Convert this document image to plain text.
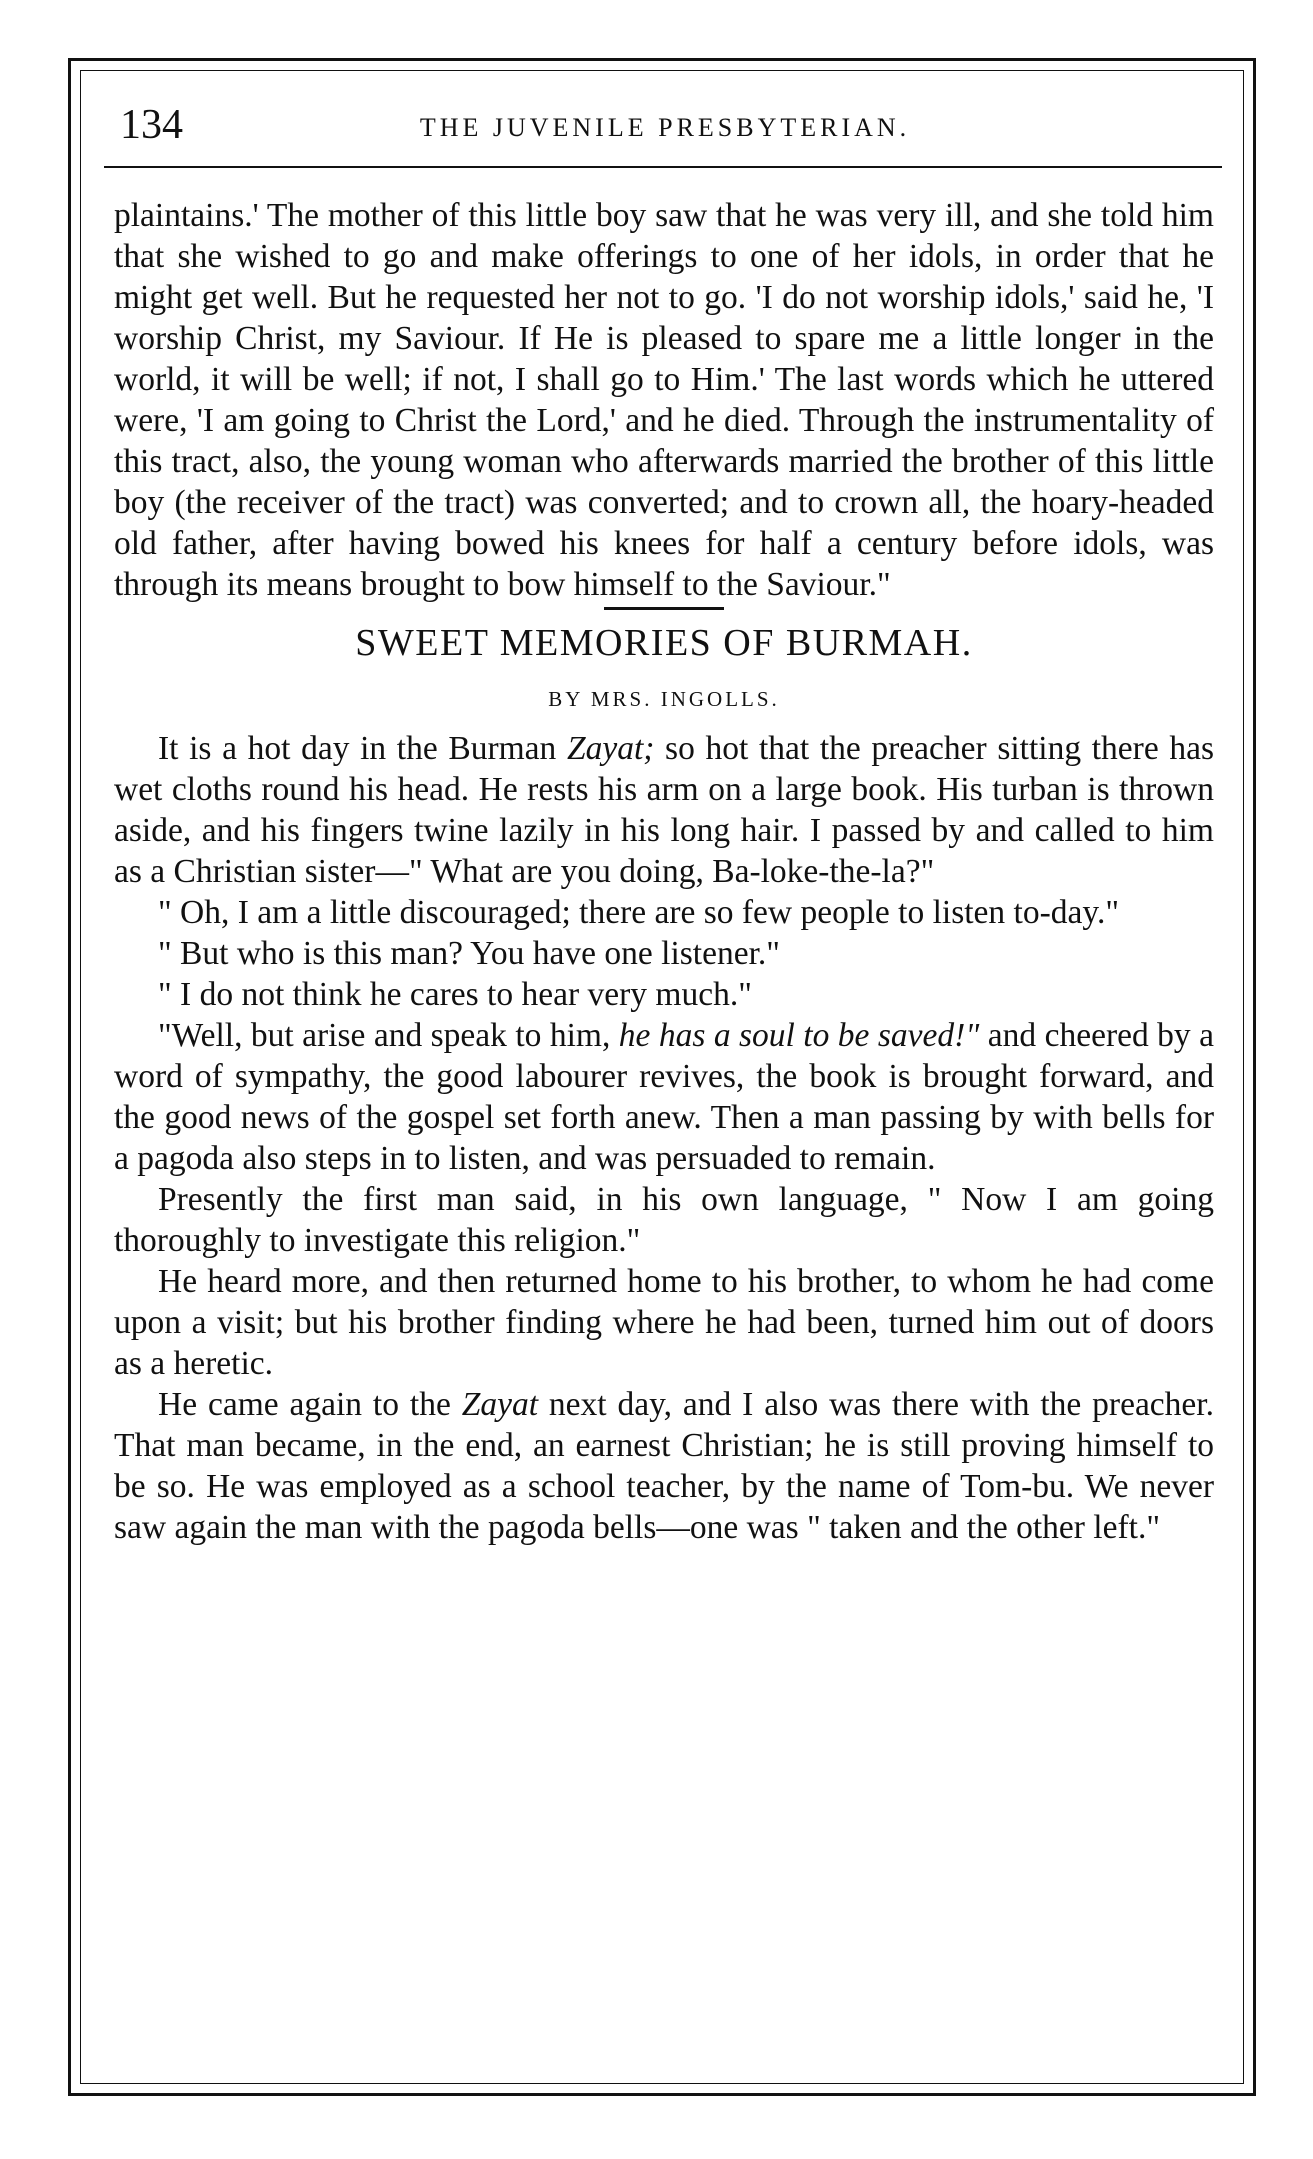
134	THE JUVENILE PRESBYTERIAN.

plaintains.' The mother of this little boy saw that he was very ill, and she told him that she wished to go and make offerings to one of her idols, in order that he might get well. But he requested her not to go. 'I do not worship idols,' said he, 'I worship Christ, my Saviour. If He is pleased to spare me a little longer in the world, it will be well; if not, I shall go to Him.' The last words which he uttered were, 'I am going to Christ the Lord,' and he died. Through the instrumentality of this tract, also, the young woman who afterwards married the brother of this little boy (the receiver of the tract) was converted; and to crown all, the hoary-headed old father, after having bowed his knees for half a century before idols, was through its means brought to bow himself to the Saviour."

SWEET MEMORIES OF BURMAH.
BY MRS. INGOLLS.

It is a hot day in the Burman Zayat; so hot that the preacher sitting there has wet cloths round his head. He rests his arm on a large book. His turban is thrown aside, and his fingers twine lazily in his long hair. I passed by and called to him as a Christian sister—" What are you doing, Ba-loke-the-la?"

" Oh, I am a little discouraged; there are so few people to listen to-day."

" But who is this man? You have one listener."

" I do not think he cares to hear very much."

"Well, but arise and speak to him, he has a soul to be saved!" and cheered by a word of sympathy, the good labourer revives, the book is brought forward, and the good news of the gospel set forth anew. Then a man passing by with bells for a pagoda also steps in to listen, and was persuaded to remain.

Presently the first man said, in his own language, " Now I am going thoroughly to investigate this religion."

He heard more, and then returned home to his brother, to whom he had come upon a visit; but his brother finding where he had been, turned him out of doors as a heretic.

He came again to the Zayat next day, and I also was there with the preacher. That man became, in the end, an earnest Christian; he is still proving himself to be so. He was employed as a school teacher, by the name of Tom-bu. We never saw again the man with the pagoda bells—one was " taken and the other left."
